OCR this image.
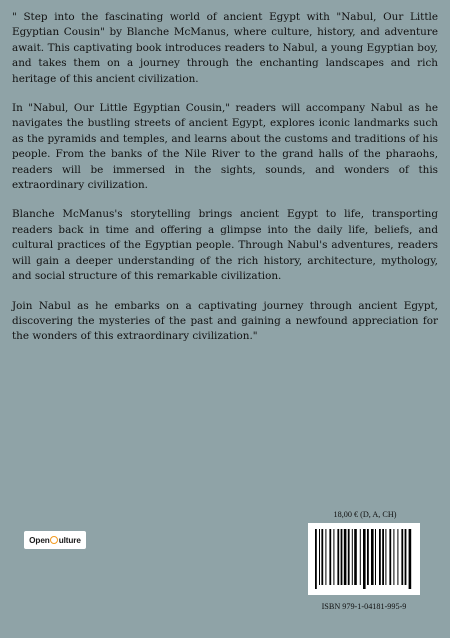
" Step into the fascinating world of ancient Egypt with "Nabul, Our Little Egyptian Cousin" by Blanche McManus, where culture, history, and adventure await. This captivating book introduces readers to Nabul, a young Egyptian boy, and takes them on a journey through the enchanting landscapes and rich heritage of this ancient civilization.

In "Nabul, Our Little Egyptian Cousin," readers will accompany Nabul as he navigates the bustling streets of ancient Egypt, explores iconic landmarks such as the pyramids and temples, and learns about the customs and traditions of his people. From the banks of the Nile River to the grand halls of the pharaohs, readers will be immersed in the sights, sounds, and wonders of this extraordinary civilization.

Blanche McManus's storytelling brings ancient Egypt to life, transporting readers back in time and offering a glimpse into the daily life, beliefs, and cultural practices of the Egyptian people. Through Nabul's adventures, readers will gain a deeper understanding of the rich history, architecture, mythology, and social structure of this remarkable civilization.

Join Nabul as he embarks on a captivating journey through ancient Egypt, discovering the mysteries of the past and gaining a newfound appreciation for the wonders of this extraordinary civilization."

Open ulture
18,00 € (D, A, CH)
ISBN 979-1-04181-995-9
